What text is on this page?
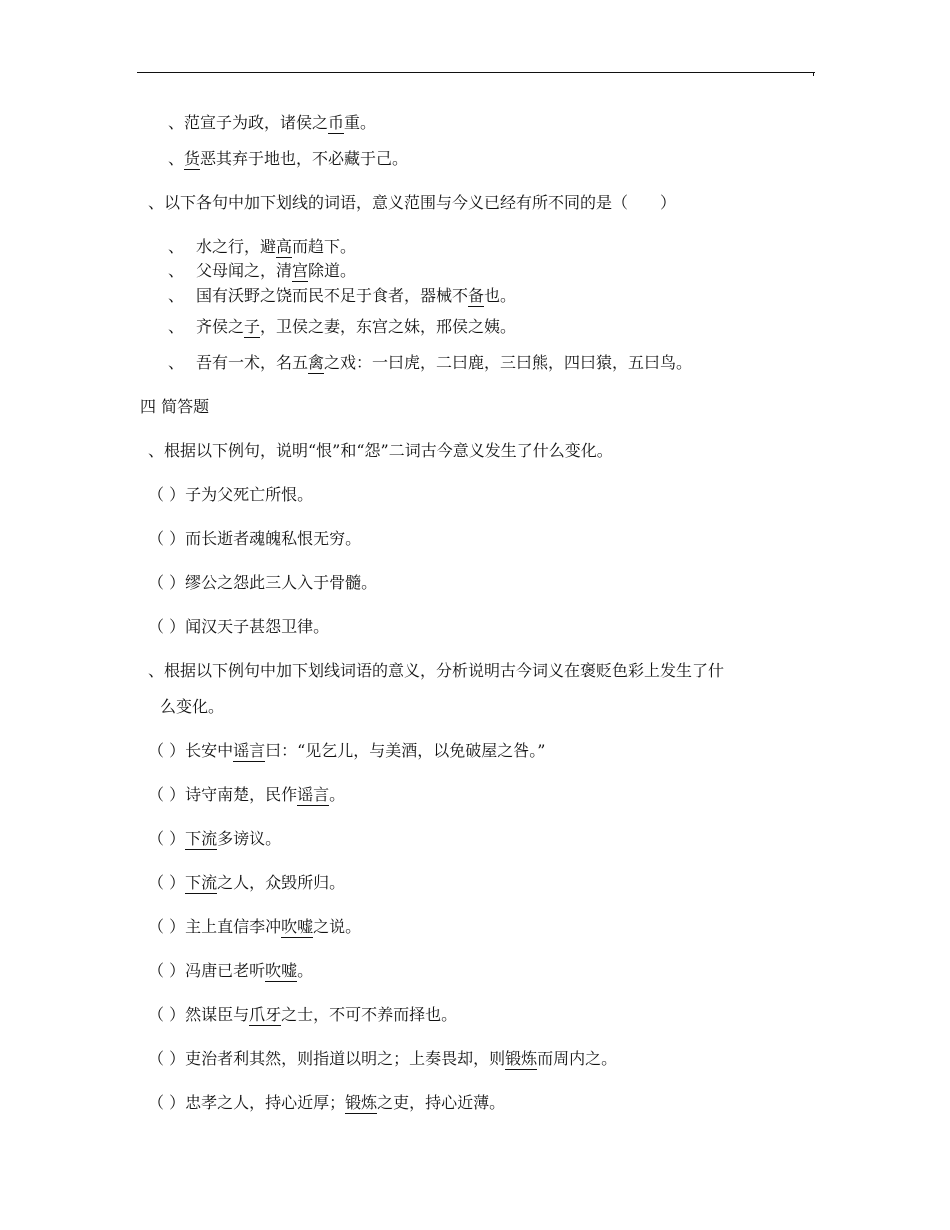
、范宣子为政，诸侯之币重。
、货恶其弃于地也，不必藏于己。
、以下各句中加下划线的词语，意义范围与今义已经有所不同的是（　　）
、 水之行，避高而趋下。
、 父母闻之，清宫除道。
、 国有沃野之饶而民不足于食者，器械不备也。
、 齐侯之子，卫侯之妻，东宫之妹，邢侯之姨。
、 吾有一术，名五禽之戏：一曰虎，二曰鹿，三曰熊，四曰猿，五曰鸟。
四 简答题
、根据以下例句，说明“恨”和“怨”二词古今意义发生了什么变化。
（ ）子为父死亡所恨。
（ ）而长逝者魂魄私恨无穷。
（ ）缪公之怨此三人入于骨髓。
（ ）闻汉天子甚怨卫律。
、根据以下例句中加下划线词语的意义，分析说明古今词义在褒贬色彩上发生了什
么变化。
（ ）长安中谣言曰：“见乞儿，与美酒，以免破屋之咎。”
（ ）诗守南楚，民作谣言。
（ ）下流多谤议。
（ ）下流之人，众毁所归。
（ ）主上直信李冲吹嘘之说。
（ ）冯唐已老听吹嘘。
（ ）然谋臣与爪牙之士，不可不养而择也。
（ ）吏治者利其然，则指道以明之；上奏畏却，则锻炼而周内之。
（ ）忠孝之人，持心近厚；锻炼之吏，持心近薄。
